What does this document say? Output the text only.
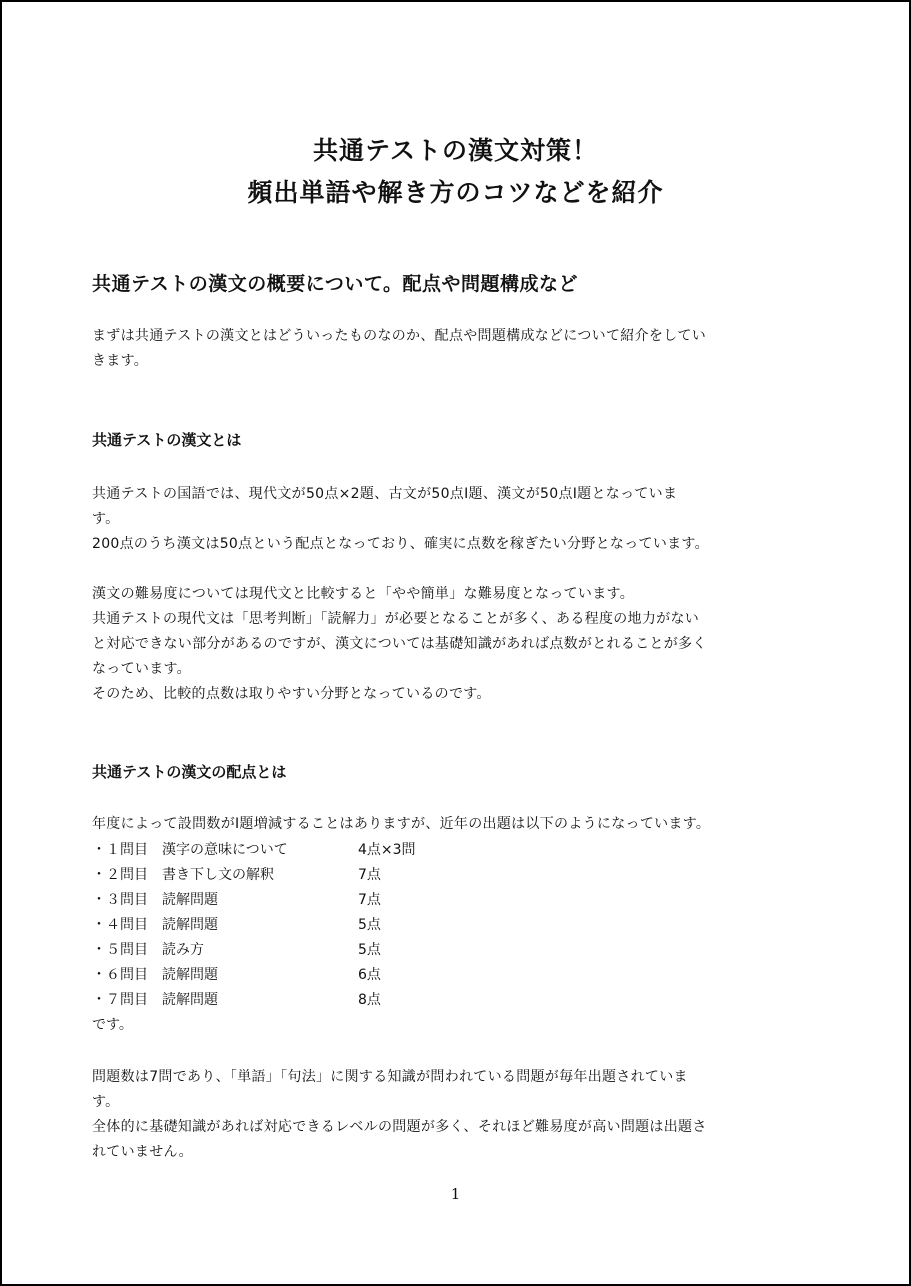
共通テストの漢文対策！
頻出単語や解き方のコツなどを紹介
共通テストの漢文の概要について。配点や問題構成など
まずは共通テストの漢文とはどういったものなのか、配点や問題構成などについて紹介をしてい
きます。
共通テストの漢文とは
共通テストの国語では、現代文が50点×2題、古文が50点Ⅰ題、漢文が50点Ⅰ題となっていま
す。
200点のうち漢文は50点という配点となっており、確実に点数を稼ぎたい分野となっています。
漢文の難易度については現代文と比較すると「やや簡単」な難易度となっています。
共通テストの現代文は「思考判断」「読解力」が必要となることが多く、ある程度の地力がない
と対応できない部分があるのですが、漢文については基礎知識があれば点数がとれることが多く
なっています。
そのため、比較的点数は取りやすい分野となっているのです。
共通テストの漢文の配点とは
年度によって設問数がⅠ題増減することはありますが、近年の出題は以下のようになっています。
・１問目　漢字の意味について	4点×3問
・２問目　書き下し文の解釈	7点
・３問目　読解問題	7点
・４問目　読解問題	5点
・５問目　読み方	5点
・６問目　読解問題	6点
・７問目　読解問題	8点
です。
問題数は7問であり、「単語」「句法」に関する知識が問われている問題が毎年出題されていま
す。
全体的に基礎知識があれば対応できるレベルの問題が多く、それほど難易度が高い問題は出題さ
れていません。
1
